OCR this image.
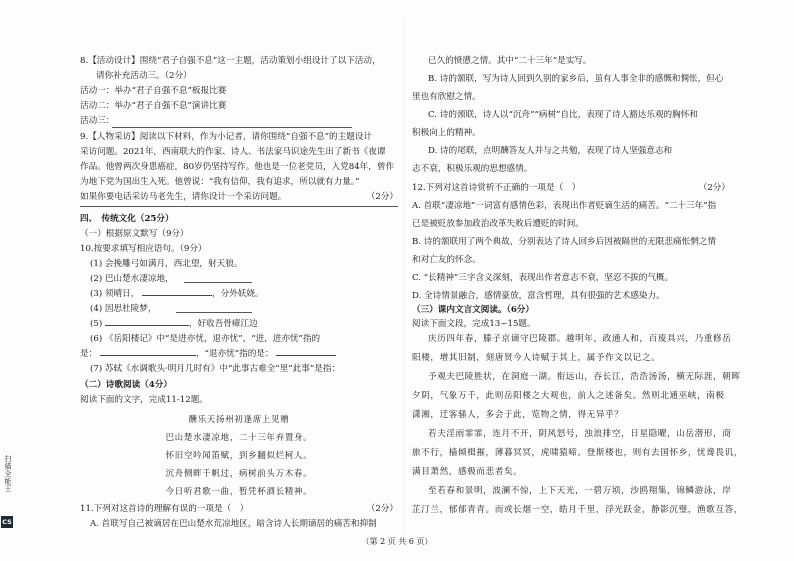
8.【活动设计】围绕“君子自强不息”这一主题，活动策划小组设计了以下活动，
请你补充活动三。（2分）
活动一：举办“君子自强不息”板报比赛
活动二：举办“君子自强不息”演讲比赛
活动三：
9.【人物采访】阅读以下材料，作为小记者，请你围绕“自强不息”的主题设计
采访问题。2021年，西南联大的作家、诗人、书法家马识途先生出了新书《夜谭
作品。他曾两次身患癌症，80岁仍坚持写作。他也是一位老党员，入党84年，曾作
为地下党为国出生入死。他曾说：“我有信仰，我有追求，所以就有力量。”
如果你要电话采访马老先生，请你设计一个采访问题。	（2分）
四、　传统文化（25分）
（一）根据原文默写（9分）
10.按要求填写相应语句。（9分）
(1) 会挽雕弓如满月，西北望，射天狼。
(2) 巴山楚水凄凉地，
(3) 须晴日，	，分外妖娆。
(4) 因思杜陵梦，
(5)	，好收吾骨瘴江边
(6) 《岳阳楼记》中“是进亦忧，退亦忧”，“进，进亦忧”指的
是：	，“退亦忧”指的是：
(7) 苏轼《水调歌头·明月几时有》中“此事古难全”里“此事”是指：
（二）诗歌阅读（4分）
阅读下面的文字，完成11-12题。
酬乐天扬州初逢席上见赠
巴山楚水凄凉地，二十三年弃置身。
怀旧空吟闻笛赋，到乡翻似烂柯人。
沉舟侧畔千帆过，病树前头万木春。
今日听君歌一曲，暂凭杯酒长精神。
11.下列对这首诗的理解有误的一项是（　）	（2分）
A. 首联写自己被谪居在巴山楚水荒凉地区，暗含诗人长期谪居的痛苦和抑制
已久的愤懑之情。其中“二十三年”是实写。
B. 诗的颔联，写为诗人回到久别的家乡后，虽有人事全非的感慨和惆怅，但心
里也有欣慰之情。
C. 诗的颈联，诗人以“沉舟”“病树”自比，表现了诗人豁达乐观的胸怀和
积极向上的精神。
D. 诗的尾联，点明酬答友人并与之共勉，表现了诗人坚强意志和
志不衰，积极乐观的思想感情。
12.下列对这首诗赏析不正确的一项是（　）	（2分）
A. 首联“凄凉地”一词富有感情色彩，表现出作者贬谪生活的痛苦。“二十三年”指
已是被贬放参加政治改革失败后遭贬的时间。
B. 诗的颔联用了两个典故，分别表达了诗人回乡后因被隔世的无限悲痛怅惘之情
和对亡友的怀念。
C. “长精神”三字含义深刻，表现出作者意志不衰，坚忍不拔的气概。
D. 全诗情景融合，感情豪放，富含哲理，具有很强的艺术感染力。
（三）课内文言文阅读。（6分）
阅读下面文段，完成13~15题。
庆历四年春，滕子京谪守巴陵郡。越明年，政通人和，百废具兴，乃重修岳
阳楼，增其旧制，刻唐贤今人诗赋于其上，属予作文以记之。
予观夫巴陵胜状，在洞庭一湖。衔远山，吞长江，浩浩汤汤，横无际涯，朝晖
夕阴，气象万千，此则岳阳楼之大观也，前人之述备矣。然则北通巫峡，南极
潇湘，迁客骚人，多会于此，览物之情，得无异乎？
若夫淫雨霏霏，连月不开，阴风怒号，浊浪排空，日星隐曜，山岳潜形，商
旅不行，樯倾楫摧，薄暮冥冥，虎啸猿啼。登斯楼也，则有去国怀乡，忧谗畏讥，
满目萧然，感极而悲者矣。
至若春和景明，波澜不惊，上下天光，一碧万顷，沙鸥翔集，锦鳞游泳，岸
芷汀兰，郁郁青青。而或长烟一空，皓月千里，浮光跃金，静影沉璧，渔歌互答，
（第 2 页 共 6 页）
扫描全能王
CS
